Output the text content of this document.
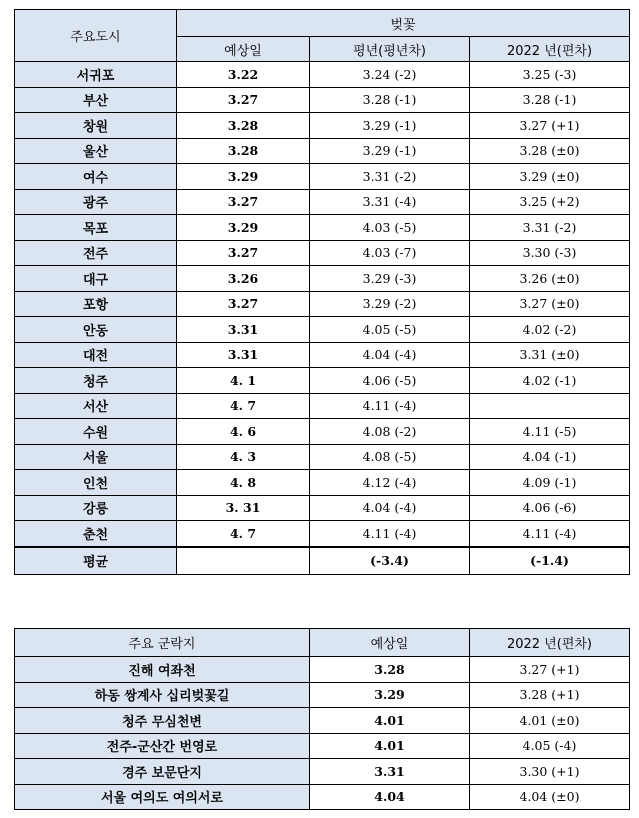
주요도시	벚꽃		
	예상일	평년(평년차)	2022 년(편차)
서귀포	3.22	3.24 (-2)	3.25 (-3)
부산	3.27	3.28 (-1)	3.28 (-1)
창원	3.28	3.29 (-1)	3.27 (+1)
울산	3.28	3.29 (-1)	3.28 (±0)
여수	3.29	3.31 (-2)	3.29 (±0)
광주	3.27	3.31 (-4)	3.25 (+2)
목포	3.29	4.03 (-5)	3.31 (-2)
전주	3.27	4.03 (-7)	3.30 (-3)
대구	3.26	3.29 (-3)	3.26 (±0)
포항	3.27	3.29 (-2)	3.27 (±0)
안동	3.31	4.05 (-5)	4.02 (-2)
대전	3.31	4.04 (-4)	3.31 (±0)
청주	4. 1	4.06 (-5)	4.02 (-1)
서산	4. 7	4.11 (-4)	
수원	4. 6	4.08 (-2)	4.11 (-5)
서울	4. 3	4.08 (-5)	4.04 (-1)
인천	4. 8	4.12 (-4)	4.09 (-1)
강릉	3. 31	4.04 (-4)	4.06 (-6)
춘천	4. 7	4.11 (-4)	4.11 (-4)
평균		(-3.4)	(-1.4)
주요 군락지	예상일	2022 년(편차)
진해 여좌천	3.28	3.27 (+1)
하동 쌍계사 십리벚꽃길	3.29	3.28 (+1)
청주 무심천변	4.01	4.01 (±0)
전주-군산간 번영로	4.01	4.05 (-4)
경주 보문단지	3.31	3.30 (+1)
서울 여의도 여의서로	4.04	4.04 (±0)
